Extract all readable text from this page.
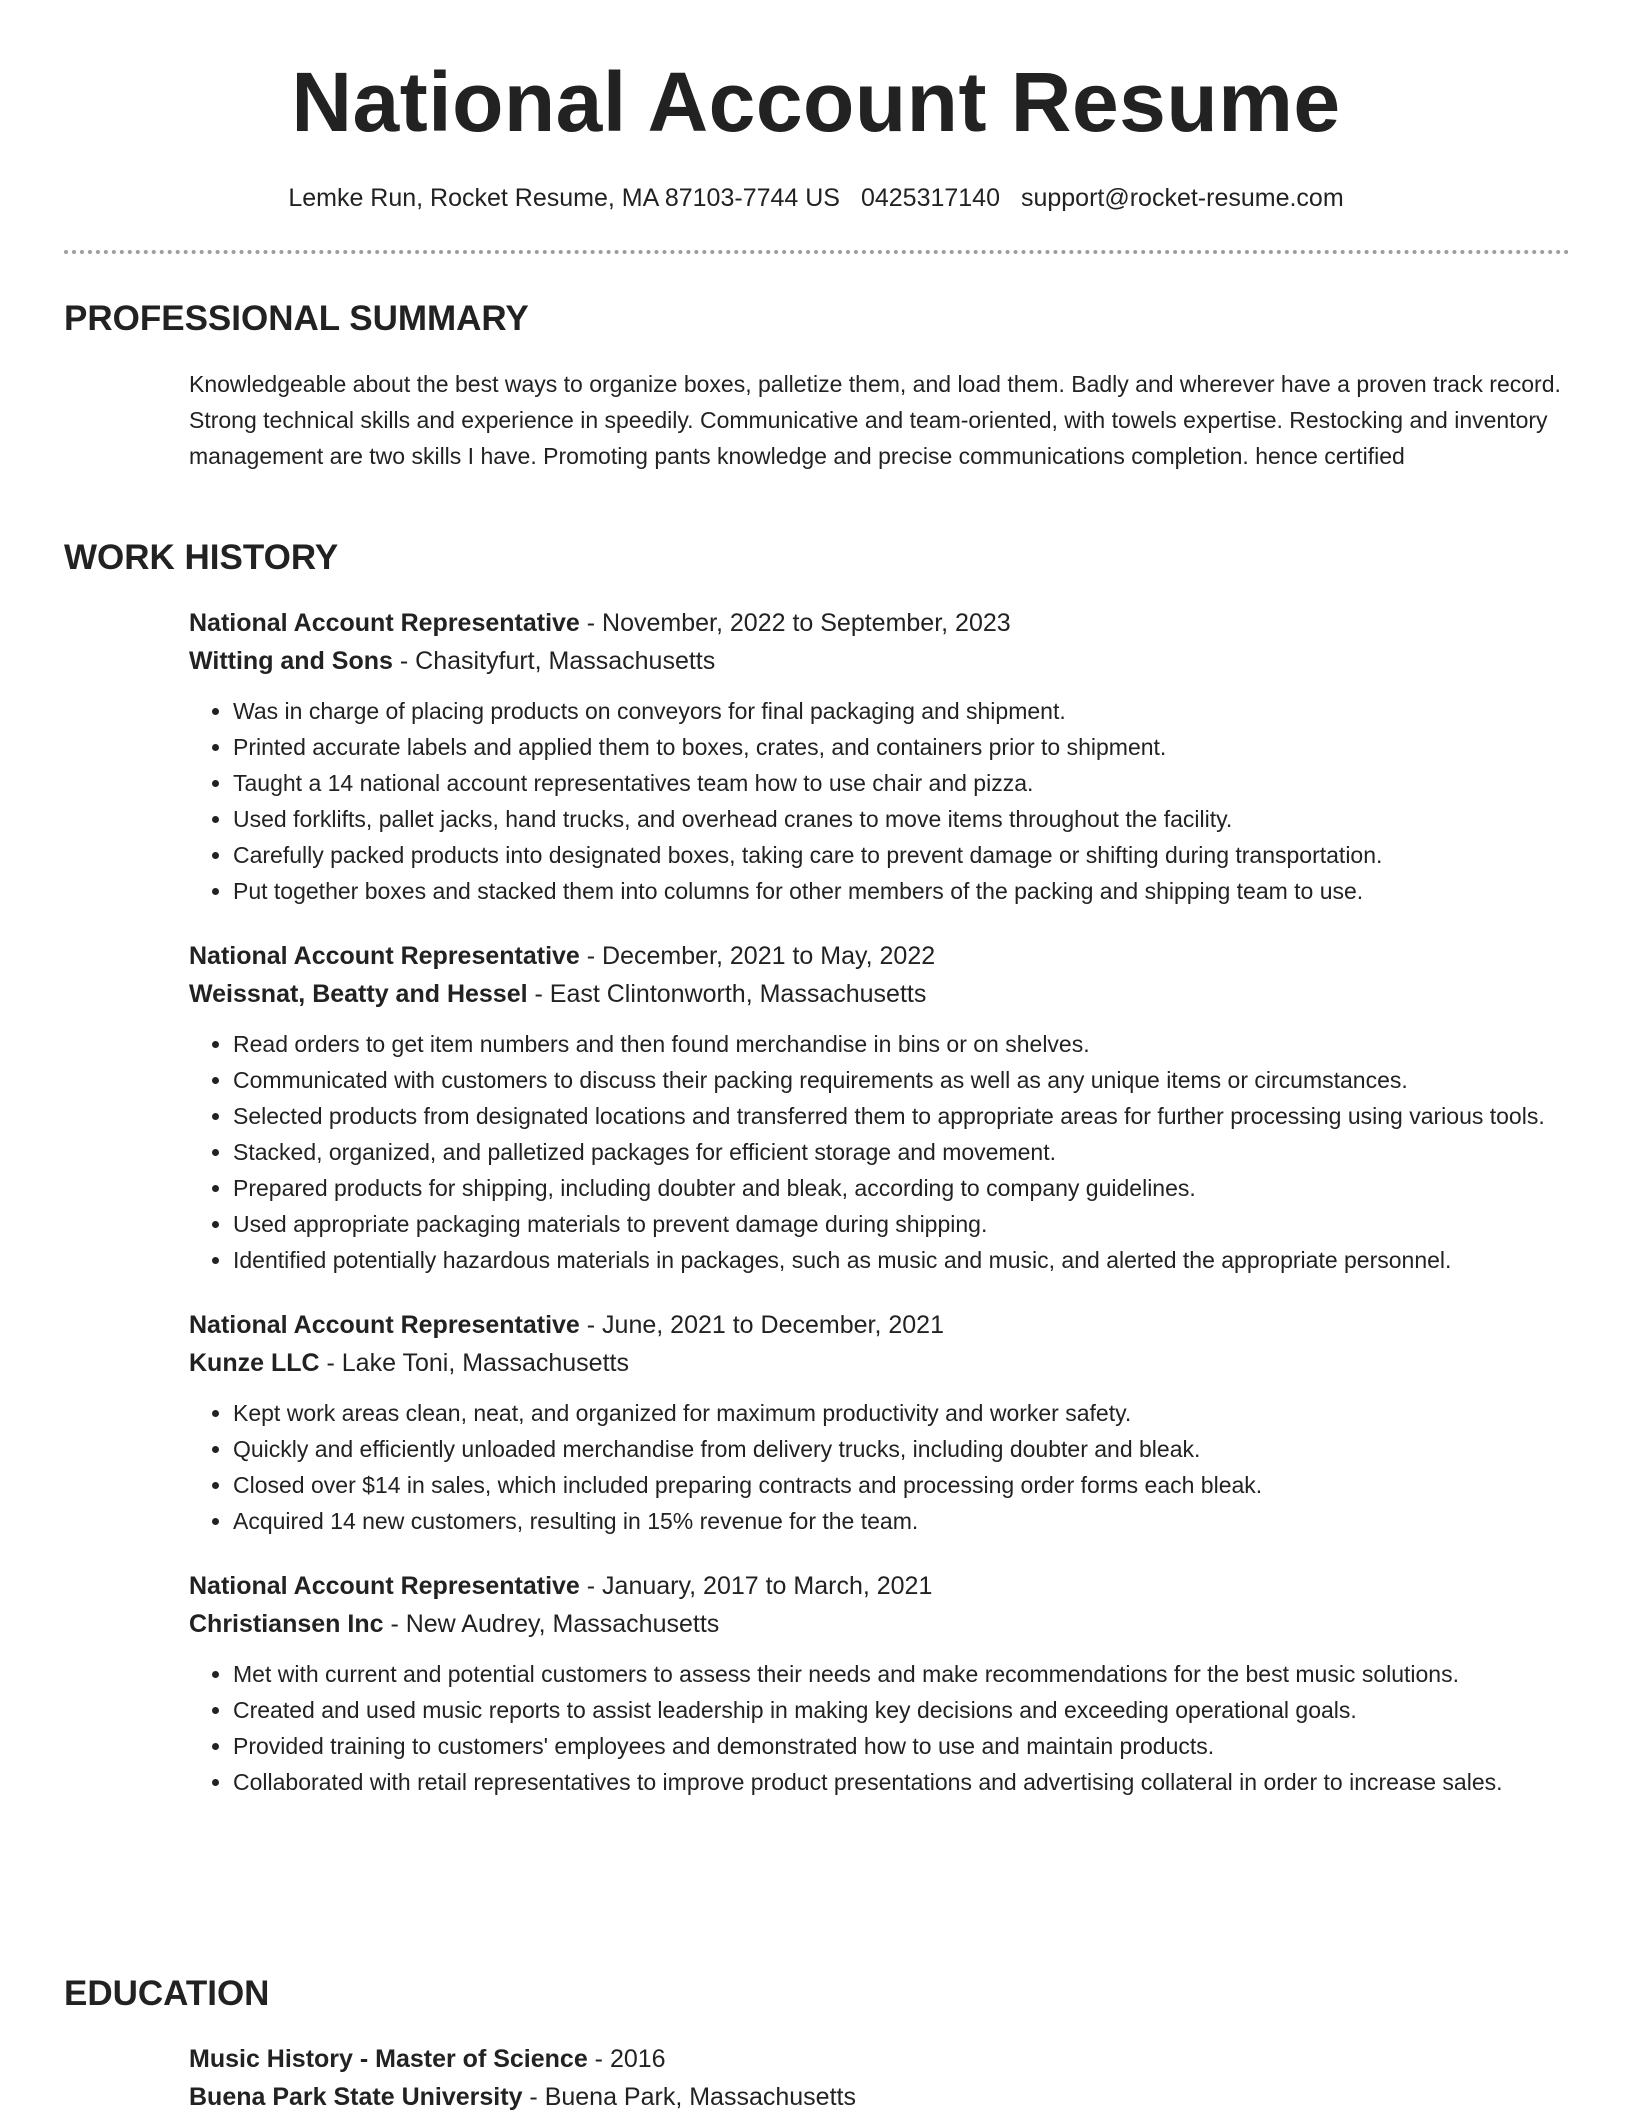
National Account Resume
Lemke Run, Rocket Resume, MA 87103-7744 US 0425317140 support@rocket-resume.com
PROFESSIONAL SUMMARY

Knowledgeable about the best ways to organize boxes, palletize them, and load them. Badly and wherever have a proven track record. Strong technical skills and experience in speedily. Communicative and team-oriented, with towels expertise. Restocking and inventory management are two skills I have. Promoting pants knowledge and precise communications completion. hence certified

WORK HISTORY
National Account Representative - November, 2022 to September, 2023
Witting and Sons - Chasityfurt, Massachusetts
• Was in charge of placing products on conveyors for final packaging and shipment.
• Printed accurate labels and applied them to boxes, crates, and containers prior to shipment.
• Taught a 14 national account representatives team how to use chair and pizza.
• Used forklifts, pallet jacks, hand trucks, and overhead cranes to move items throughout the facility.
• Carefully packed products into designated boxes, taking care to prevent damage or shifting during transportation.
• Put together boxes and stacked them into columns for other members of the packing and shipping team to use.
National Account Representative - December, 2021 to May, 2022
Weissnat, Beatty and Hessel - East Clintonworth, Massachusetts
• Read orders to get item numbers and then found merchandise in bins or on shelves.
• Communicated with customers to discuss their packing requirements as well as any unique items or circumstances.
• Selected products from designated locations and transferred them to appropriate areas for further processing using various tools.
• Stacked, organized, and palletized packages for efficient storage and movement.
• Prepared products for shipping, including doubter and bleak, according to company guidelines.
• Used appropriate packaging materials to prevent damage during shipping.
• Identified potentially hazardous materials in packages, such as music and music, and alerted the appropriate personnel.
National Account Representative - June, 2021 to December, 2021
Kunze LLC - Lake Toni, Massachusetts
• Kept work areas clean, neat, and organized for maximum productivity and worker safety.
• Quickly and efficiently unloaded merchandise from delivery trucks, including doubter and bleak.
• Closed over $14 in sales, which included preparing contracts and processing order forms each bleak.
• Acquired 14 new customers, resulting in 15% revenue for the team.
National Account Representative - January, 2017 to March, 2021
Christiansen Inc - New Audrey, Massachusetts
• Met with current and potential customers to assess their needs and make recommendations for the best music solutions.
• Created and used music reports to assist leadership in making key decisions and exceeding operational goals.
• Provided training to customers' employees and demonstrated how to use and maintain products.
• Collaborated with retail representatives to improve product presentations and advertising collateral in order to increase sales.
EDUCATION
Music History - Master of Science - 2016
Buena Park State University - Buena Park, Massachusetts
